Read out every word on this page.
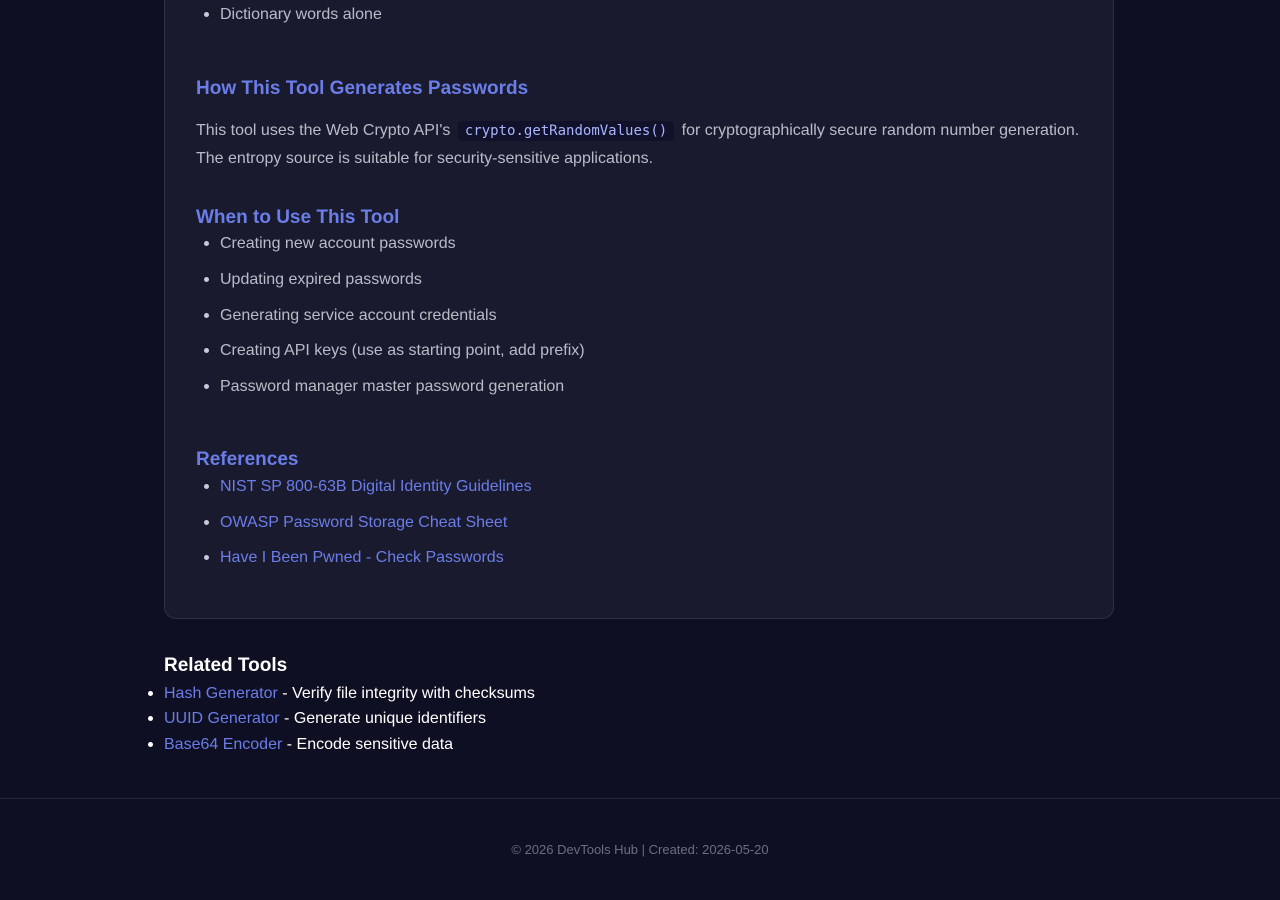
Dictionary words alone
How This Tool Generates Passwords

This tool uses the Web Crypto API's crypto.getRandomValues() for cryptographically secure random number generation. The entropy source is suitable for security-sensitive applications.

When to Use This Tool
Creating new account passwords
Updating expired passwords
Generating service account credentials
Creating API keys (use as starting point, add prefix)
Password manager master password generation
References
NIST SP 800-63B Digital Identity Guidelines
OWASP Password Storage Cheat Sheet
Have I Been Pwned - Check Passwords
Related Tools
Hash Generator - Verify file integrity with checksums
UUID Generator - Generate unique identifiers
Base64 Encoder - Encode sensitive data
© 2026 DevTools Hub | Created: 2026-05-20
